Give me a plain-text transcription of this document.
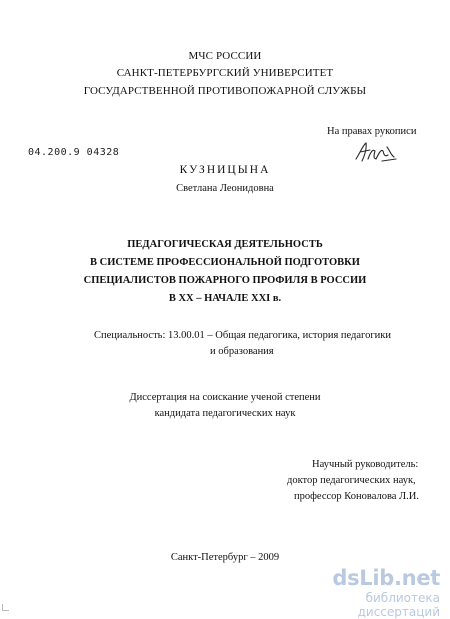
МЧС РОССИИ
САНКТ-ПЕТЕРБУРГСКИЙ УНИВЕРСИТЕТ
ГОСУДАРСТВЕННОЙ ПРОТИВОПОЖАРНОЙ СЛУЖБЫ
На правах рукописи
04.200.9 04328
КУЗНИЦЫНА
Светлана Леонидовна
ПЕДАГОГИЧЕСКАЯ ДЕЯТЕЛЬНОСТЬ
В СИСТЕМЕ ПРОФЕССИОНАЛЬНОЙ ПОДГОТОВКИ
СПЕЦИАЛИСТОВ ПОЖАРНОГО ПРОФИЛЯ В РОССИИ
В XX – НАЧАЛЕ XXI в.
Специальность: 13.00.01 – Общая педагогика, история педагогики
и образования
Диссертация на соискание ученой степени
кандидата педагогических наук
Научный руководитель:
доктор педагогических наук,
профессор Коновалова Л.И.
Санкт-Петербург – 2009
dsLib.net
библиотека диссертаций
